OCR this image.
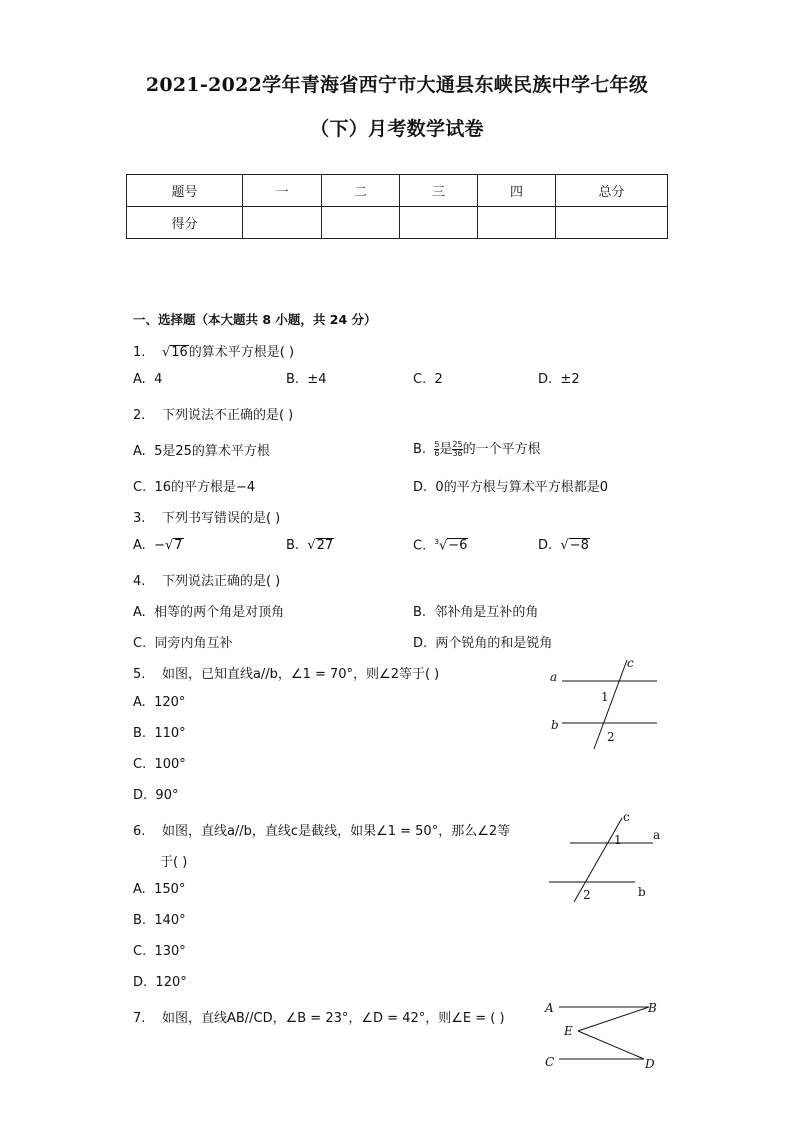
2021-2022学年青海省西宁市大通县东峡民族中学七年级
（下）月考数学试卷
题号	一	二	三	四	总分
得分					
一、选择题（本大题共 8 小题，共 24 分）
1. √16的算术平方根是( )
A. 4	B. ±4	C. 2	D. ±2
2. 下列说法不正确的是( )
A. 5是25的算术平方根	B. $\frac{5}{6}$ 是 $\frac{25}{36}$ 的一个平方根
C. 16的平方根是−4	D. 0的平方根与算术平方根都是0
3. 下列书写错误的是( )
A. −√7	B. √27	C. $^3$√−6	D. √−8
4. 下列说法正确的是( )
A. 相等的两个角是对顶角	B. 邻补角是互补的角
C. 同旁内角互补	D. 两个锐角的和是锐角
5. 如图，已知直线a//b，∠1 = 70°，则∠2等于( )
A. 120°
B. 110°
C. 100°
D. 90°
a
b
c
1
2
6. 如图，直线a//b，直线c是截线，如果∠1 = 50°，那么∠2等
于( )
A. 150°
B. 140°
C. 130°
D. 120°
a
b
c
1
2
7. 如图，直线AB//CD，∠B = 23°，∠D = 42°，则∠E = ( )
A	B
E
C	D
